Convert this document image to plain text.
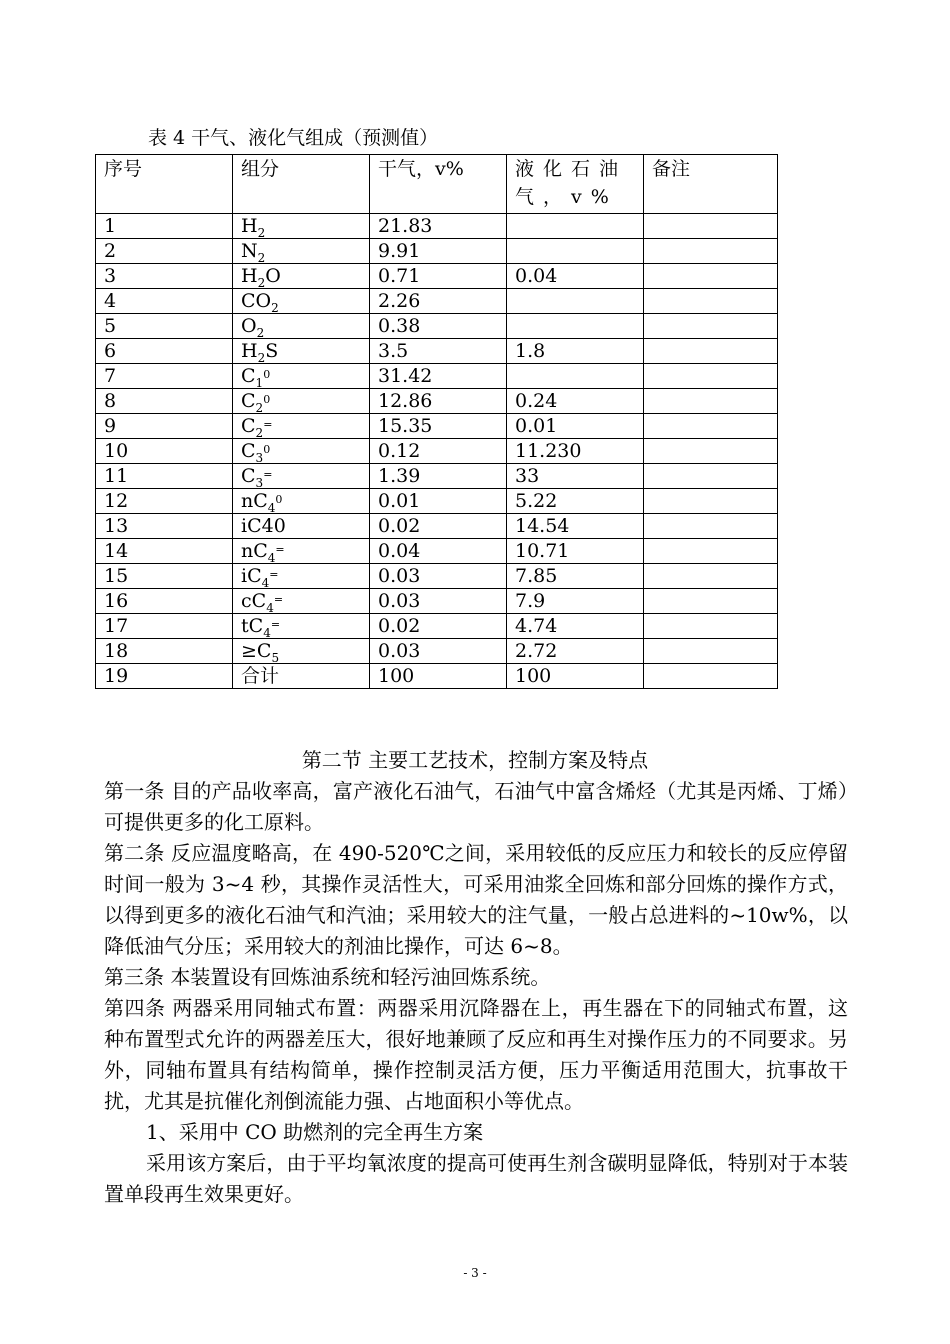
表 4 干气、液化气组成（预测值）
序号	组分	干气，v%	液化石油气，v%	备注
1	$H_2$	21.83		
2	$N_2$	9.91		
3	$H_2O$	0.71	0.04	
4	$CO_2$	2.26		
5	$O_2$	0.38		
6	$H_2S$	3.5	1.8	
7	$C_1^0$	31.42		
8	$C_2^0$	12.86	0.24	
9	$C_2^=$	15.35	0.01	
10	$C_3^0$	0.12	11.230	
11	$C_3^=$	1.39	33	
12	$nC_4^0$	0.01	5.22	
13	iC40	0.02	14.54	
14	$nC_4^=$	0.04	10.71	
15	$iC_4^=$	0.03	7.85	
16	$cC_4^=$	0.03	7.9	
17	$tC_4^=$	0.02	4.74	
18	$\ge C_5$	0.03	2.72	
19	合计	100	100	
第二节 主要工艺技术，控制方案及特点

第一条 目的产品收率高，富产液化石油气，石油气中富含烯烃（尤其是丙烯、丁烯）可提供更多的化工原料。

第二条 反应温度略高，在 490-520℃之间，采用较低的反应压力和较长的反应停留时间一般为 3~4 秒，其操作灵活性大，可采用油浆全回炼和部分回炼的操作方式，以得到更多的液化石油气和汽油；采用较大的注气量，一般占总进料的~10w%，以降低油气分压；采用较大的剂油比操作，可达 6~8。

第三条 本装置设有回炼油系统和轻污油回炼系统。

第四条 两器采用同轴式布置：两器采用沉降器在上，再生器在下的同轴式布置，这种布置型式允许的两器差压大，很好地兼顾了反应和再生对操作压力的不同要求。另外，同轴布置具有结构简单，操作控制灵活方便，压力平衡适用范围大，抗事故干扰，尤其是抗催化剂倒流能力强、占地面积小等优点。

1、采用中 CO 助燃剂的完全再生方案

采用该方案后，由于平均氧浓度的提高可使再生剂含碳明显降低，特别对于本装置单段再生效果更好。

- 3 -
